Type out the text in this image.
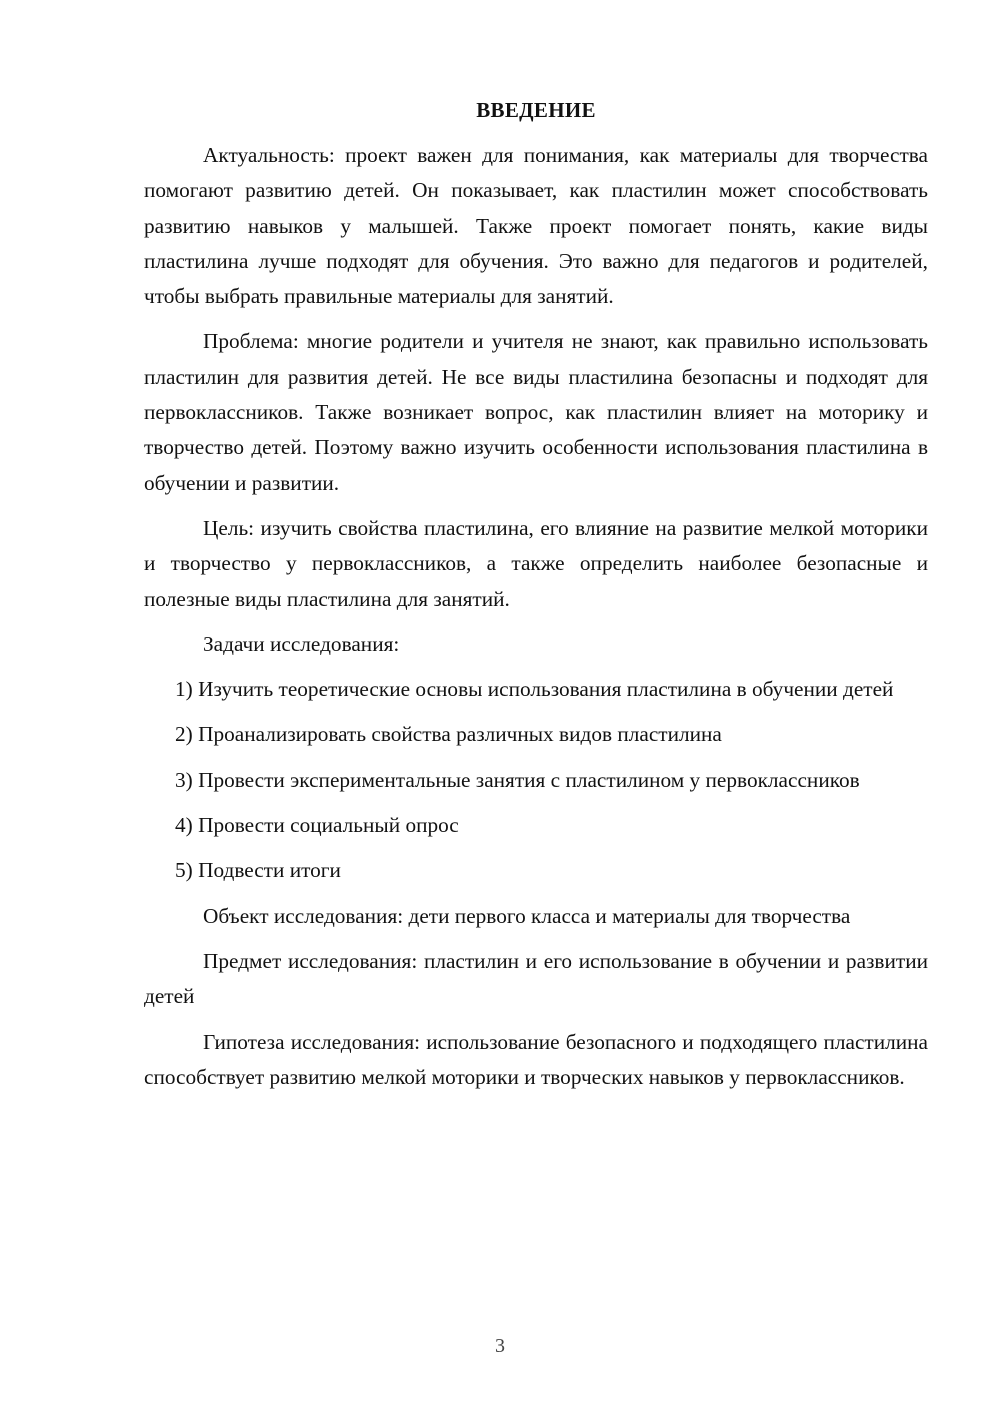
ВВЕДЕНИЕ

Актуальность: проект важен для понимания, как материалы для творчества помогают развитию детей. Он показывает, как пластилин может способствовать развитию навыков у малышей. Также проект помогает понять, какие виды пластилина лучше подходят для обучения. Это важно для педагогов и родителей, чтобы выбрать правильные материалы для занятий.

Проблема: многие родители и учителя не знают, как правильно использовать пластилин для развития детей. Не все виды пластилина безопасны и подходят для первоклассников. Также возникает вопрос, как пластилин влияет на моторику и творчество детей. Поэтому важно изучить особенности использования пластилина в обучении и развитии.

Цель: изучить свойства пластилина, его влияние на развитие мелкой моторики и творчество у первоклассников, а также определить наиболее безопасные и полезные виды пластилина для занятий.

Задачи исследования:

1) Изучить теоретические основы использования пластилина в обучении детей

2) Проанализировать свойства различных видов пластилина

3) Провести экспериментальные занятия с пластилином у первоклассников

4) Провести социальный опрос

5) Подвести итоги

Объект исследования: дети первого класса и материалы для творчества

Предмет исследования: пластилин и его использование в обучении и развитии детей

Гипотеза исследования: использование безопасного и подходящего пластилина способствует развитию мелкой моторики и творческих навыков у первоклассников.

3
